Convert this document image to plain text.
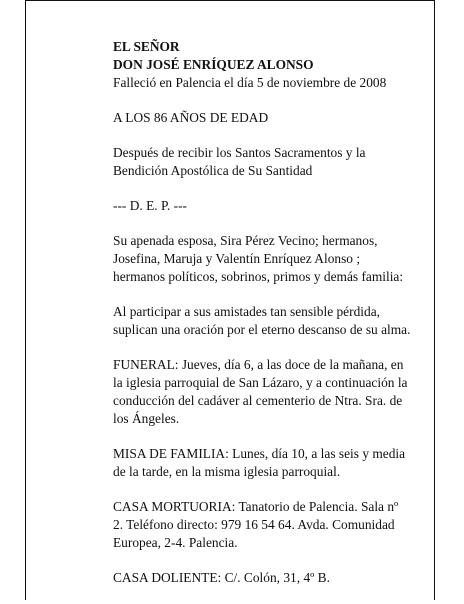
EL SEÑOR
DON JOSÉ ENRÍQUEZ ALONSO
Falleció en Palencia el día 5 de noviembre de 2008
A LOS 86 AÑOS DE EDAD
Después de recibir los Santos Sacramentos y la
Bendición Apostólica de Su Santidad
--- D. E. P. ---
Su apenada esposa, Sira Pérez Vecino; hermanos,
Josefina, Maruja y Valentín Enríquez Alonso ;
hermanos políticos, sobrinos, primos y demás familia:
Al participar a sus amistades tan sensible pérdida,
suplican una oración por el eterno descanso de su alma.
FUNERAL: Jueves, día 6, a las doce de la mañana, en
la iglesia parroquial de San Lázaro, y a continuación la
conducción del cadáver al cementerio de Ntra. Sra. de
los Ángeles.
MISA DE FAMILIA: Lunes, día 10, a las seis y media
de la tarde, en la misma iglesia parroquial.
CASA MORTUORIA: Tanatorio de Palencia. Sala nº
2. Teléfono directo: 979 16 54 64. Avda. Comunidad
Europea, 2-4. Palencia.
CASA DOLIENTE: C/. Colón, 31, 4º B.
